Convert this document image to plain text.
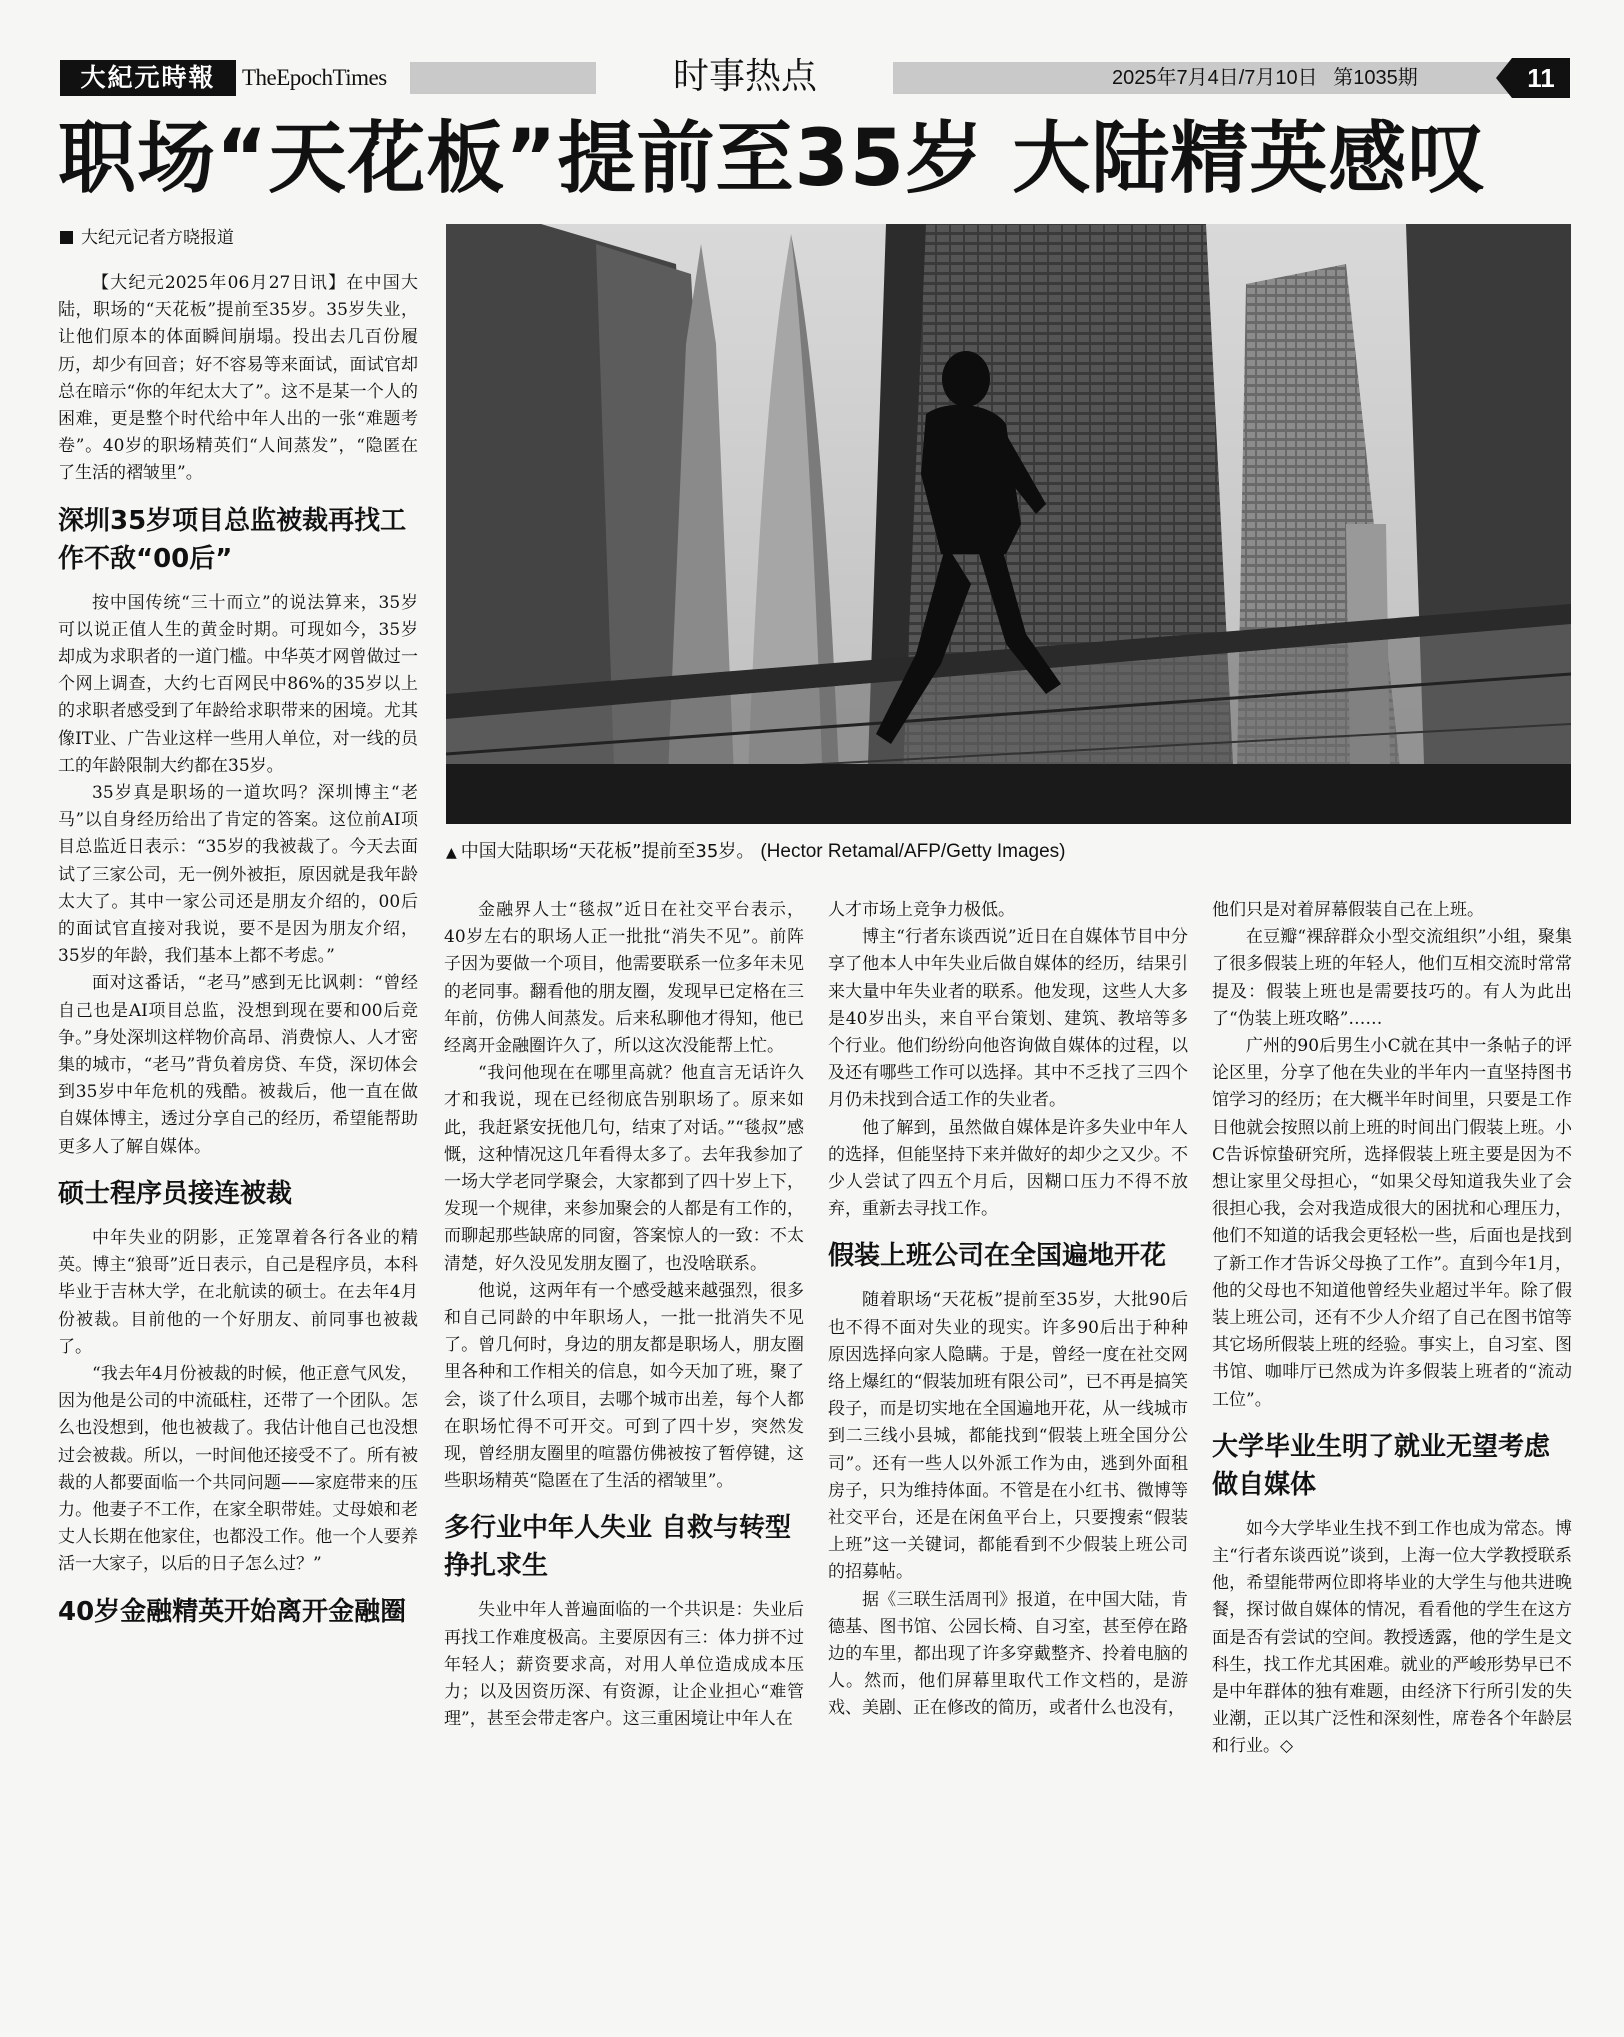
大紀元時報	TheEpochTimes	时事热点	2025年7月4日/7月10日 第1035期	11
职场“天花板”提前至35岁 大陆精英感叹
大纪元记者方晓报道
▲ 中国大陆职场“天花板”提前至35岁。 (Hector Retamal/AFP/Getty Images)

【大纪元2025年06月27日讯】在中国大陆，职场的“天花板”提前至35岁。35岁失业，让他们原本的体面瞬间崩塌。投出去几百份履历，却少有回音；好不容易等来面试，面试官却总在暗示“你的年纪太大了”。这不是某一个人的困难，更是整个时代给中年人出的一张“难题考卷”。40岁的职场精英们“人间蒸发”，“隐匿在了生活的褶皱里”。

深圳35岁项目总监被裁再找工作不敌“00后”

按中国传统“三十而立”的说法算来，35岁可以说正值人生的黄金时期。可现如今，35岁却成为求职者的一道门槛。中华英才网曾做过一个网上调查，大约七百网民中86%的35岁以上的求职者感受到了年龄给求职带来的困境。尤其像IT业、广告业这样一些用人单位，对一线的员工的年龄限制大约都在35岁。

35岁真是职场的一道坎吗？深圳博主“老马”以自身经历给出了肯定的答案。这位前AI项目总监近日表示：“35岁的我被裁了。今天去面试了三家公司，无一例外被拒，原因就是我年龄太大了。其中一家公司还是朋友介绍的，00后的面试官直接对我说，要不是因为朋友介绍，35岁的年龄，我们基本上都不考虑。”

面对这番话，“老马”感到无比讽刺：“曾经自己也是AI项目总监，没想到现在要和00后竞争。”身处深圳这样物价高昂、消费惊人、人才密集的城市，“老马”背负着房贷、车贷，深切体会到35岁中年危机的残酷。被裁后，他一直在做自媒体博主，透过分享自己的经历，希望能帮助更多人了解自媒体。

硕士程序员接连被裁

中年失业的阴影，正笼罩着各行各业的精英。博主“狼哥”近日表示，自己是程序员，本科毕业于吉林大学，在北航读的硕士。在去年4月份被裁。目前他的一个好朋友、前同事也被裁了。

“我去年4月份被裁的时候，他正意气风发，因为他是公司的中流砥柱，还带了一个团队。怎么也没想到，他也被裁了。我估计他自己也没想过会被裁。所以，一时间他还接受不了。所有被裁的人都要面临一个共同问题——家庭带来的压力。他妻子不工作，在家全职带娃。丈母娘和老丈人长期在他家住，也都没工作。他一个人要养活一大家子，以后的日子怎么过？”

40岁金融精英开始离开金融圈

金融界人士“毯叔”近日在社交平台表示，40岁左右的职场人正一批批“消失不见”。前阵子因为要做一个项目，他需要联系一位多年未见的老同事。翻看他的朋友圈，发现早已定格在三年前，仿佛人间蒸发。后来私聊他才得知，他已经离开金融圈许久了，所以这次没能帮上忙。

“我问他现在在哪里高就？他直言无话许久才和我说，现在已经彻底告别职场了。原来如此，我赶紧安抚他几句，结束了对话。”“毯叔”感慨，这种情况这几年看得太多了。去年我参加了一场大学老同学聚会，大家都到了四十岁上下，发现一个规律，来参加聚会的人都是有工作的，而聊起那些缺席的同窗，答案惊人的一致：不太清楚，好久没见发朋友圈了，也没啥联系。

他说，这两年有一个感受越来越强烈，很多和自己同龄的中年职场人，一批一批消失不见了。曾几何时，身边的朋友都是职场人，朋友圈里各种和工作相关的信息，如今天加了班，聚了会，谈了什么项目，去哪个城市出差，每个人都在职场忙得不可开交。可到了四十岁，突然发现，曾经朋友圈里的喧嚣仿佛被按了暂停键，这些职场精英“隐匿在了生活的褶皱里”。

多行业中年人失业 自救与转型 挣扎求生

失业中年人普遍面临的一个共识是：失业后再找工作难度极高。主要原因有三：体力拼不过年轻人；薪资要求高，对用人单位造成成本压力；以及因资历深、有资源，让企业担心“难管理”，甚至会带走客户。这三重困境让中年人在

人才市场上竞争力极低。

博主“行者东谈西说”近日在自媒体节目中分享了他本人中年失业后做自媒体的经历，结果引来大量中年失业者的联系。他发现，这些人大多是40岁出头，来自平台策划、建筑、教培等多个行业。他们纷纷向他咨询做自媒体的过程，以及还有哪些工作可以选择。其中不乏找了三四个月仍未找到合适工作的失业者。

他了解到，虽然做自媒体是许多失业中年人的选择，但能坚持下来并做好的却少之又少。不少人尝试了四五个月后，因糊口压力不得不放弃，重新去寻找工作。

假装上班公司在全国遍地开花

随着职场“天花板”提前至35岁，大批90后也不得不面对失业的现实。许多90后出于种种原因选择向家人隐瞒。于是，曾经一度在社交网络上爆红的“假装加班有限公司”，已不再是搞笑段子，而是切实地在全国遍地开花，从一线城市到二三线小县城，都能找到“假装上班全国分公司”。还有一些人以外派工作为由，逃到外面租房子，只为维持体面。不管是在小红书、微博等社交平台，还是在闲鱼平台上，只要搜索“假装上班”这一关键词，都能看到不少假装上班公司的招募帖。

据《三联生活周刊》报道，在中国大陆，肯德基、图书馆、公园长椅、自习室，甚至停在路边的车里，都出现了许多穿戴整齐、拎着电脑的人。然而，他们屏幕里取代工作文档的，是游戏、美剧、正在修改的简历，或者什么也没有，

他们只是对着屏幕假装自己在上班。

在豆瓣“裸辞群众小型交流组织”小组，聚集了很多假装上班的年轻人，他们互相交流时常常提及：假装上班也是需要技巧的。有人为此出了“伪装上班攻略”……

广州的90后男生小C就在其中一条帖子的评论区里，分享了他在失业的半年内一直坚持图书馆学习的经历；在大概半年时间里，只要是工作日他就会按照以前上班的时间出门假装上班。小C告诉惊蛰研究所，选择假装上班主要是因为不想让家里父母担心，“如果父母知道我失业了会很担心我，会对我造成很大的困扰和心理压力，他们不知道的话我会更轻松一些，后面也是找到了新工作才告诉父母换了工作”。直到今年1月，他的父母也不知道他曾经失业超过半年。除了假装上班公司，还有不少人介绍了自己在图书馆等其它场所假装上班的经验。事实上，自习室、图书馆、咖啡厅已然成为许多假装上班者的“流动工位”。

大学毕业生明了就业无望考虑做自媒体

如今大学毕业生找不到工作也成为常态。博主“行者东谈西说”谈到，上海一位大学教授联系他，希望能带两位即将毕业的大学生与他共进晚餐，探讨做自媒体的情况，看看他的学生在这方面是否有尝试的空间。教授透露，他的学生是文科生，找工作尤其困难。就业的严峻形势早已不是中年群体的独有难题，由经济下行所引发的失业潮，正以其广泛性和深刻性，席卷各个年龄层和行业。◇
